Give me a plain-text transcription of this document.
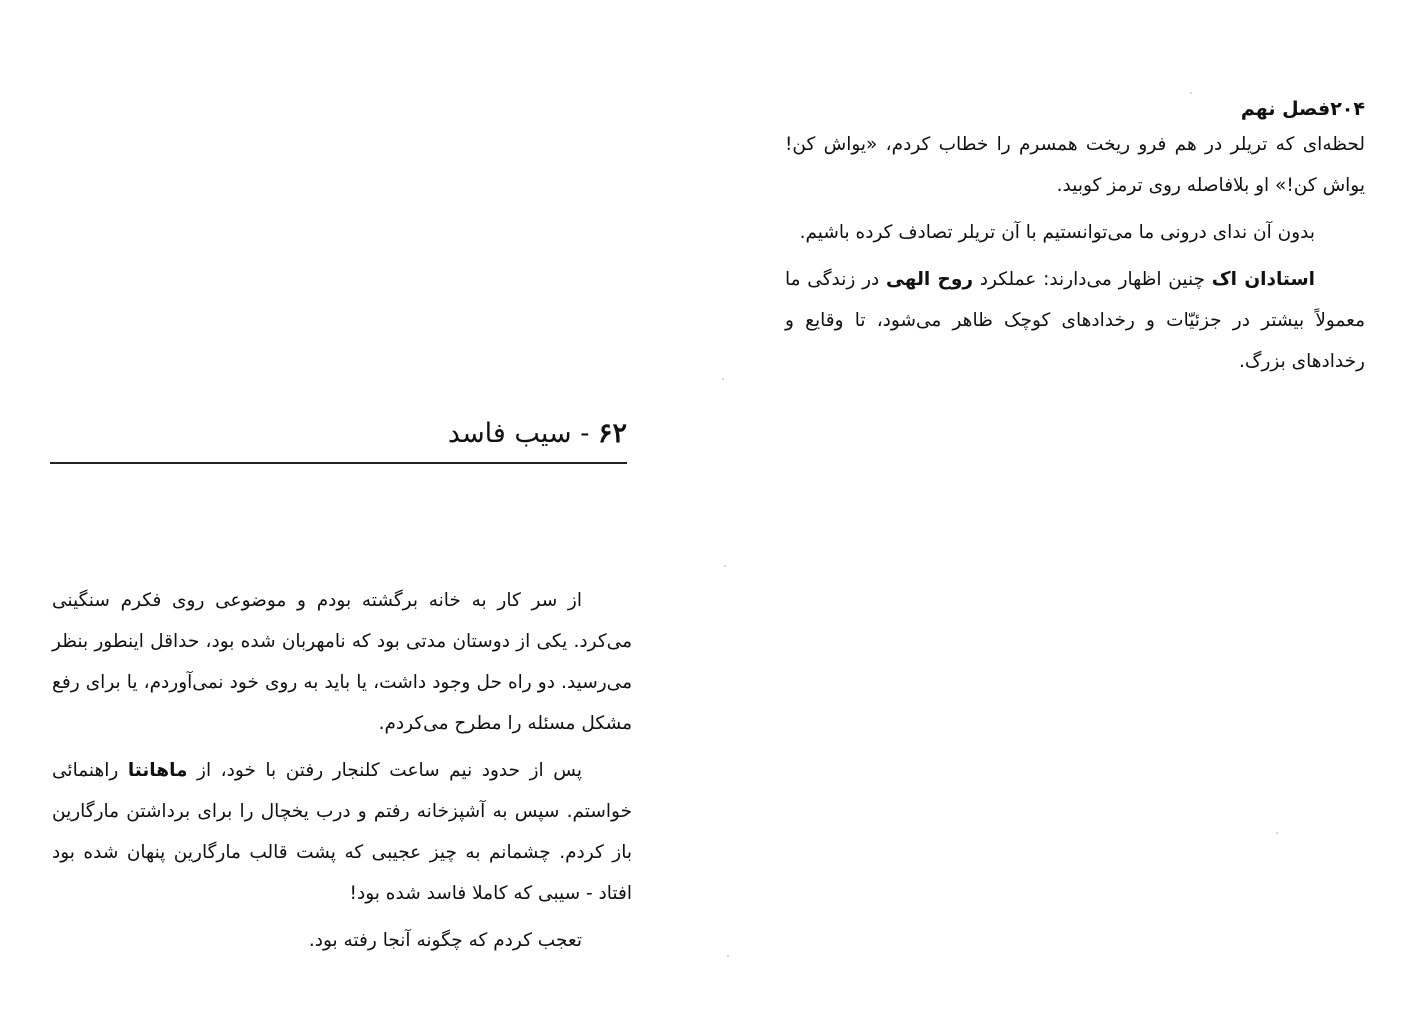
۶۲ - سیب فاسد

از سر کار به خانه برگشته بودم و موضوعی روی فکرم سنگینی می‌کرد. یکی از دوستان مدتی بود که نامهربان شده بود، حداقل اینطور بنظر می‌رسید. دو راه حل وجود داشت، یا باید به روی خود نمی‌آوردم، یا برای رفع مشکل مسئله را مطرح می‌کردم.

پس از حدود نیم ساعت کلنجار رفتن با خود، از ماهانتا راهنمائی خواستم. سپس به آشپزخانه رفتم و درب یخچال را برای برداشتن مارگارین باز کردم. چشمانم به چیز عجیبی که پشت قالب مارگارین پنهان شده بود افتاد - سیبی که کاملا فاسد شده بود!

تعجب کردم که چگونه آنجا رفته بود.

۲۰۴فصل نهم

لحظه‌ای که تریلر در هم فرو ریخت همسرم را خطاب کردم، «یواش کن! یواش کن!» او بلافاصله روی ترمز کوبید.

بدون آن ندای درونی ما می‌توانستیم با آن تریلر تصادف کرده باشیم.

استادان اک چنین اظهار می‌دارند: عملکرد روح الهی در زندگی ما معمولاً بیشتر در جزئیّات و رخدادهای کوچک ظاهر می‌شود، تا وقایع و رخدادهای بزرگ.
